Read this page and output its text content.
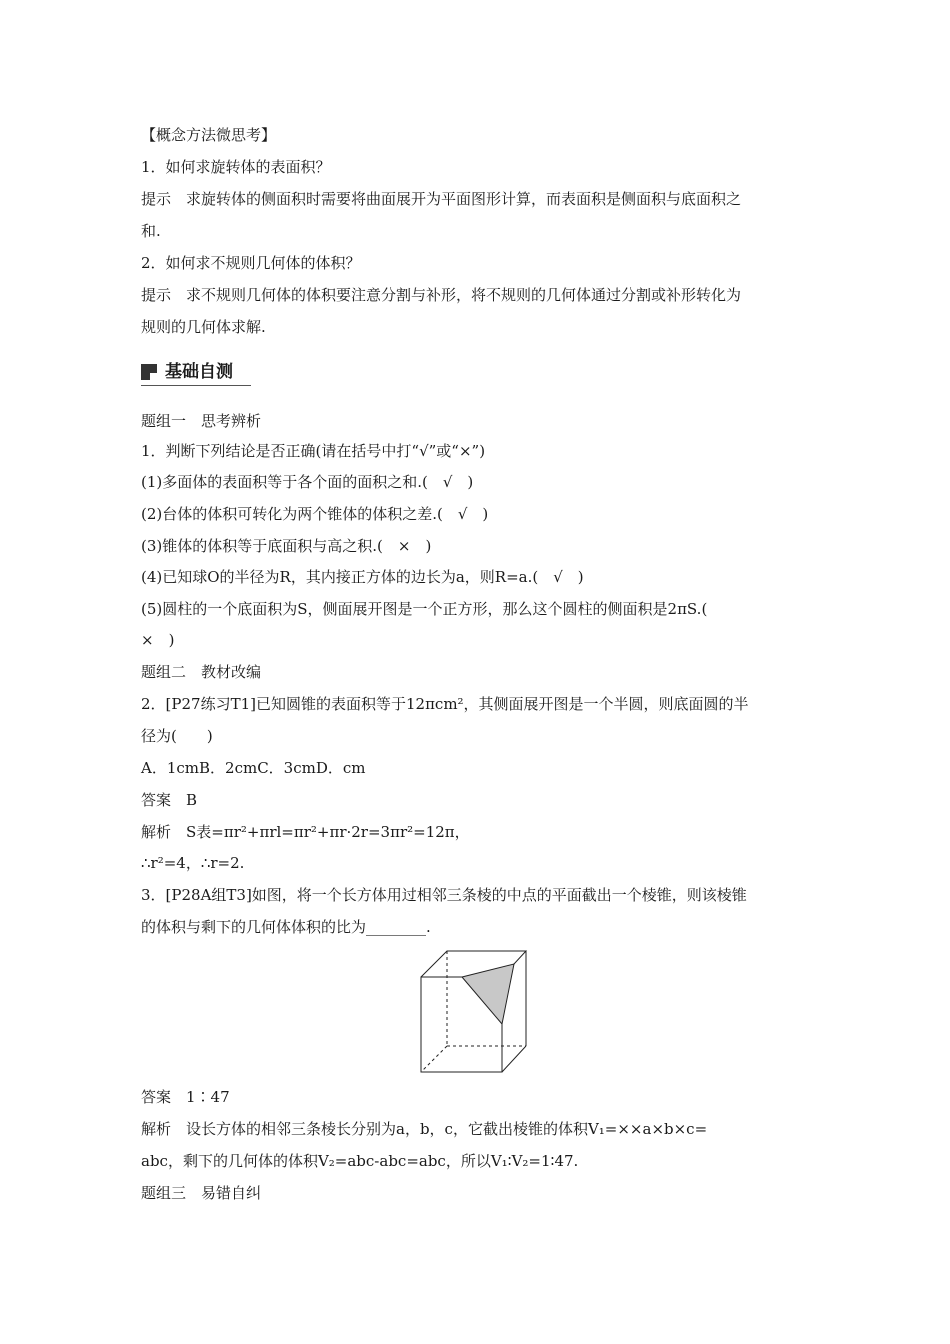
【概念方法微思考】
1．如何求旋转体的表面积？
提示　求旋转体的侧面积时需要将曲面展开为平面图形计算，而表面积是侧面积与底面积之
和.
2．如何求不规则几何体的体积？
提示　求不规则几何体的体积要注意分割与补形，将不规则的几何体通过分割或补形转化为
规则的几何体求解.
基础自测
题组一　思考辨析
1．判断下列结论是否正确(请在括号中打“√”或“×”)
(1)多面体的表面积等于各个面的面积之和.(　√　)
(2)台体的体积可转化为两个锥体的体积之差.(　√　)
(3)锥体的体积等于底面积与高之积.(　×　)
(4)已知球O的半径为R，其内接正方体的边长为a，则R=a.(　√　)
(5)圆柱的一个底面积为S，侧面展开图是一个正方形，那么这个圆柱的侧面积是2πS.(
×　)
题组二　教材改编
2．[P27练习T1]已知圆锥的表面积等于12πcm²，其侧面展开图是一个半圆，则底面圆的半
径为(　　)
A．1cmB．2cmC．3cmD．cm
答案　B
解析　S表=πr²+πrl=πr²+πr·2r=3πr²=12π，
∴r²=4，∴r=2.
3．[P28A组T3]如图，将一个长方体用过相邻三条棱的中点的平面截出一个棱锥，则该棱锥
的体积与剩下的几何体体积的比为________.
答案　1∶47
解析　设长方体的相邻三条棱长分别为a，b，c，它截出棱锥的体积V₁=××a×b×c=
abc，剩下的几何体的体积V₂=abc-abc=abc，所以V₁∶V₂=1∶47.
题组三　易错自纠
